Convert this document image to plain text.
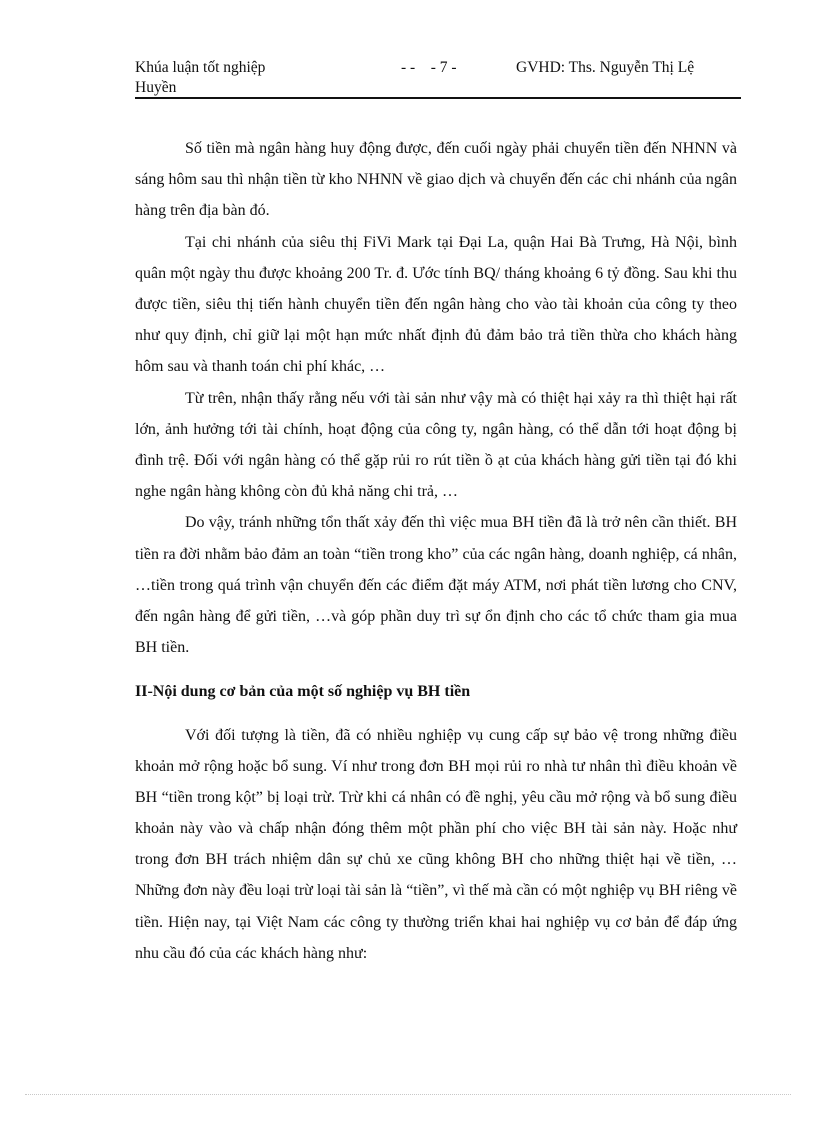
Khúa luận tốt nghiệp	- -    - 7 -	GVHD: Ths. Nguyễn Thị Lệ
Huyền

Số tiền mà ngân hàng huy động được, đến cuối ngày phải chuyển tiền đến NHNN và sáng hôm sau thì nhận tiền từ kho NHNN về giao dịch và chuyển đến các chi nhánh của ngân hàng trên địa bàn đó.

Tại chi nhánh của siêu thị FiVi Mark tại Đại La, quận Hai Bà Trưng, Hà Nội, bình quân một ngày thu được khoảng 200 Tr. đ. Ước tính BQ/ tháng khoảng 6 tỷ đồng. Sau khi thu được tiền, siêu thị tiến hành chuyển tiền đến ngân hàng cho vào tài khoản của công ty theo như quy định, chỉ giữ lại một hạn mức nhất định đủ đảm bảo trả tiền thừa cho khách hàng hôm sau và thanh toán chi phí khác, …

Từ trên, nhận thấy rằng nếu với tài sản như vậy mà có thiệt hại xảy ra thì thiệt hại rất lớn, ảnh hưởng tới tài chính, hoạt động của công ty, ngân hàng, có thể dẫn tới hoạt động bị đình trệ. Đối với ngân hàng có thể gặp rủi ro rút tiền ồ ạt của khách hàng gửi tiền tại đó khi nghe ngân hàng không còn đủ khả năng chi trả, …

Do vậy, tránh những tổn thất xảy đến thì việc mua BH tiền đã là trở nên cần thiết. BH tiền ra đời nhằm bảo đảm an toàn “tiền trong kho” của các ngân hàng, doanh nghiệp, cá nhân, …tiền trong quá trình vận chuyển đến các điểm đặt máy ATM, nơi phát tiền lương cho CNV, đến ngân hàng để gửi tiền, …và góp phần duy trì sự ổn định cho các tổ chức tham gia mua BH tiền.

II-Nội dung cơ bản của một số nghiệp vụ BH tiền

Với đối tượng là tiền, đã có nhiều nghiệp vụ cung cấp sự bảo vệ trong những điều khoản mở rộng hoặc bổ sung. Ví như trong đơn BH mọi rủi ro nhà tư nhân thì điều khoản về BH “tiền trong kột” bị loại trừ. Trừ khi cá nhân có đề nghị, yêu cầu mở rộng và bổ sung điều khoản này vào và chấp nhận đóng thêm một phần phí cho việc BH tài sản này. Hoặc như trong đơn BH trách nhiệm dân sự chủ xe cũng không BH cho những thiệt hại về tiền, …Những đơn này đều loại trừ loại tài sản là “tiền”, vì thế mà cần có một nghiệp vụ BH riêng về tiền. Hiện nay, tại Việt Nam các công ty thường triển khai hai nghiệp vụ cơ bản để đáp ứng nhu cầu đó của các khách hàng như:
